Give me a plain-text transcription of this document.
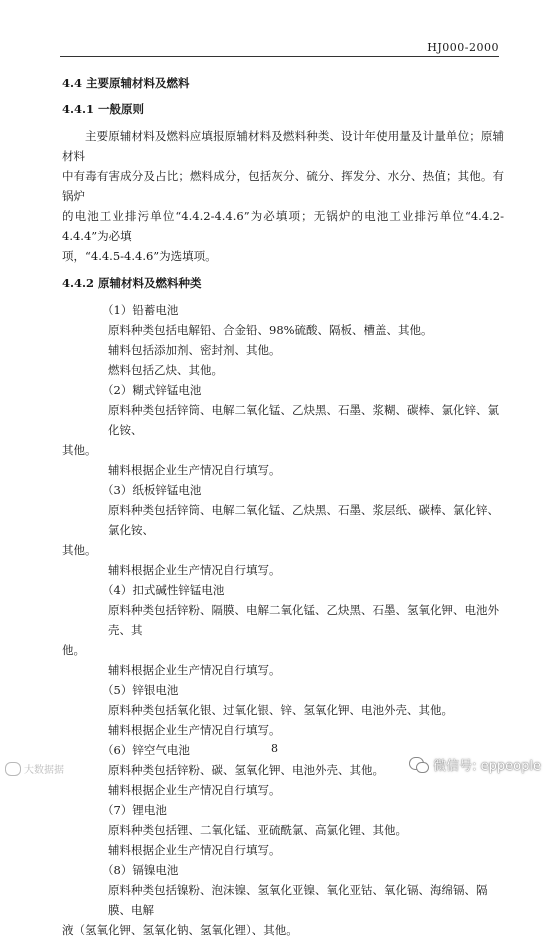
HJ000-2000

4.4 主要原辅材料及燃料

4.4.1 一般原则

主要原辅材料及燃料应填报原辅材料及燃料种类、设计年使用量及计量单位；原辅材料

中有毒有害成分及占比；燃料成分，包括灰分、硫分、挥发分、水分、热值；其他。有锅炉

的电池工业排污单位“4.4.2-4.4.6”为必填项；无锅炉的电池工业排污单位“4.4.2-4.4.4”为必填

项，“4.4.5-4.4.6”为选填项。

4.4.2 原辅材料及燃料种类

（1）铅蓄电池

原料种类包括电解铅、合金铅、98%硫酸、隔板、槽盖、其他。

辅料包括添加剂、密封剂、其他。

燃料包括乙炔、其他。

（2）糊式锌锰电池

原料种类包括锌筒、电解二氧化锰、乙炔黑、石墨、浆糊、碳棒、氯化锌、氯化铵、

其他。

辅料根据企业生产情况自行填写。

（3）纸板锌锰电池

原料种类包括锌筒、电解二氧化锰、乙炔黑、石墨、浆层纸、碳棒、氯化锌、氯化铵、

其他。

辅料根据企业生产情况自行填写。

（4）扣式碱性锌锰电池

原料种类包括锌粉、隔膜、电解二氧化锰、乙炔黑、石墨、氢氧化钾、电池外壳、其

他。

辅料根据企业生产情况自行填写。

（5）锌银电池

原料种类包括氧化银、过氧化银、锌、氢氧化钾、电池外壳、其他。

辅料根据企业生产情况自行填写。

（6）锌空气电池

原料种类包括锌粉、碳、氢氧化钾、电池外壳、其他。

辅料根据企业生产情况自行填写。

（7）锂电池

原料种类包括锂、二氧化锰、亚硫酰氯、高氯化锂、其他。

辅料根据企业生产情况自行填写。

（8）镉镍电池

原料种类包括镍粉、泡沫镍、氢氧化亚镍、氧化亚钴、氧化镉、海绵镉、隔膜、电解

液（氢氧化钾、氢氧化钠、氢氧化锂）、其他。

8
大数据据	微信号: eppeople
